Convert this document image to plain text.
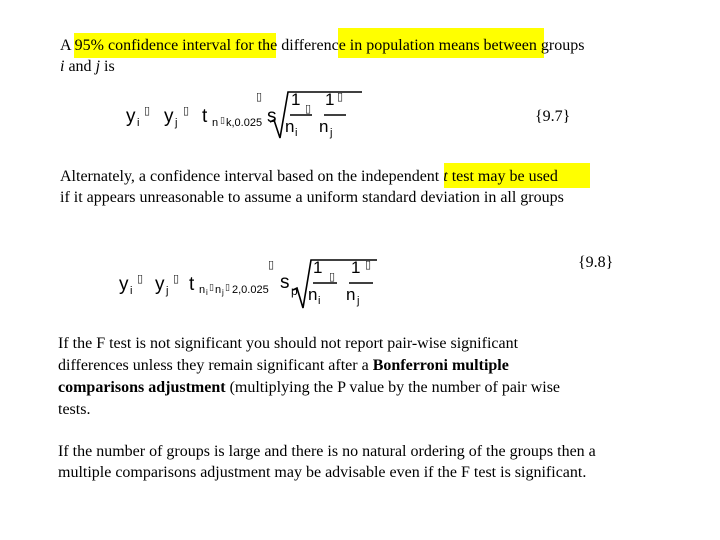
A 95% confidence interval for the difference in population means between groups
i and j is
y i
▯ y j
▯ t n ▯ k,0.025
▯
s
1
n i
▯ 1
n j
▯
{9.7}
Alternately, a confidence interval based on the independent t test may be used
if it appears unreasonable to assume a uniform standard deviation in all groups
y i
▯ y j
▯ t n i ▯ n j ▯ 2,0.025
▯
s p
1
n i
▯ 1
n j
▯	{9.8}
If the F test is not significant you should not report pair-wise significant
differences unless they remain significant after a Bonferroni multiple
comparisons adjustment (multiplying the P value by the number of pair wise
tests.
If the number of groups is large and there is no natural ordering of the groups then a
multiple comparisons adjustment may be advisable even if the F test is significant.
